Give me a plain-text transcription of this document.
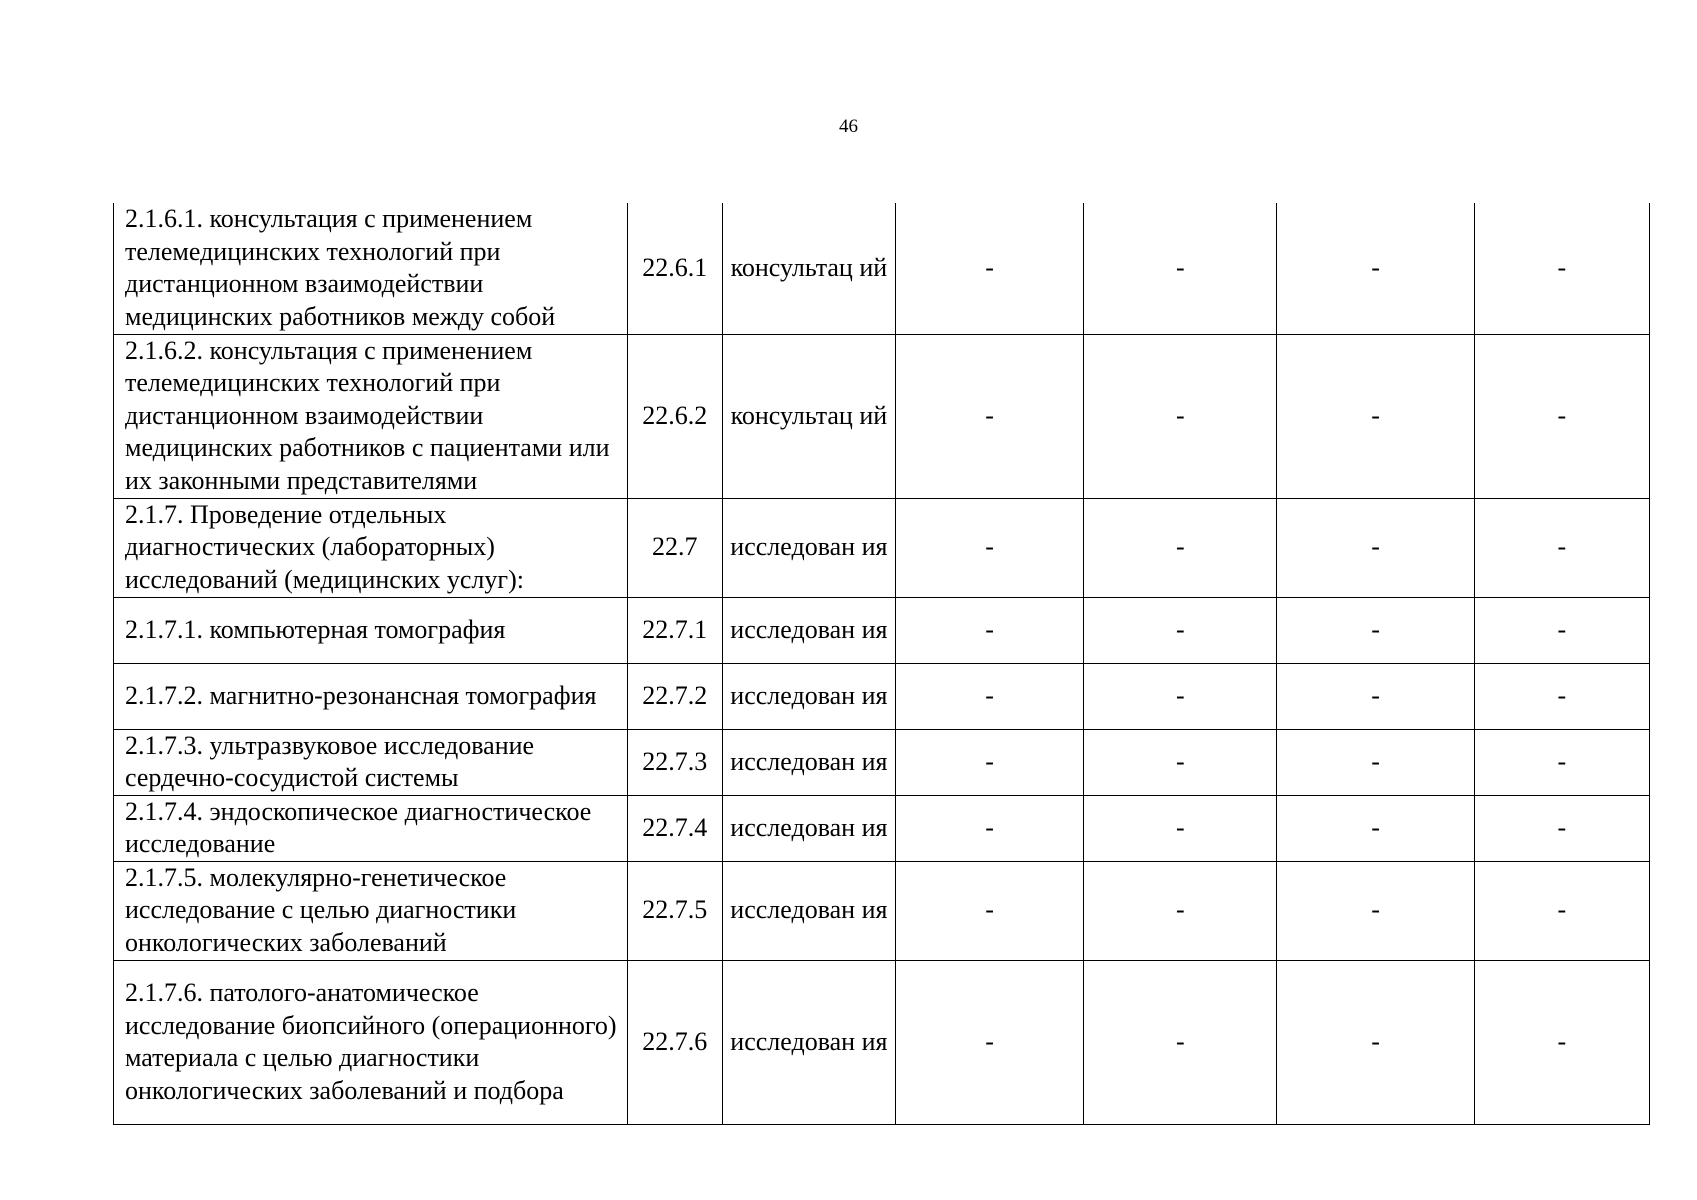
46
2.1.6.1. консультация с применением телемедицинских технологий при дистанционном взаимодействии медицинских работников между собой	22.6.1	консультац ий	-	-	-	-
2.1.6.2. консультация с применением телемедицинских технологий при дистанционном взаимодействии медицинских работников с пациентами или их законными представителями	22.6.2	консультац ий	-	-	-	-
2.1.7. Проведение отдельных диагностических (лабораторных) исследований (медицинских услуг):	22.7	исследован ия	-	-	-	-
2.1.7.1. компьютерная томография	22.7.1	исследован ия	-	-	-	-
2.1.7.2. магнитно-резонансная томография	22.7.2	исследован ия	-	-	-	-
2.1.7.3. ультразвуковое исследование сердечно-сосудистой системы	22.7.3	исследован ия	-	-	-	-
2.1.7.4. эндоскопическое диагностическое исследование	22.7.4	исследован ия	-	-	-	-
2.1.7.5. молекулярно-генетическое исследование с целью диагностики онкологических заболеваний	22.7.5	исследован ия	-	-	-	-
2.1.7.6. патолого-анатомическое исследование биопсийного (операционного) материала с целью диагностики онкологических заболеваний и подбора	22.7.6	исследован ия	-	-	-	-
